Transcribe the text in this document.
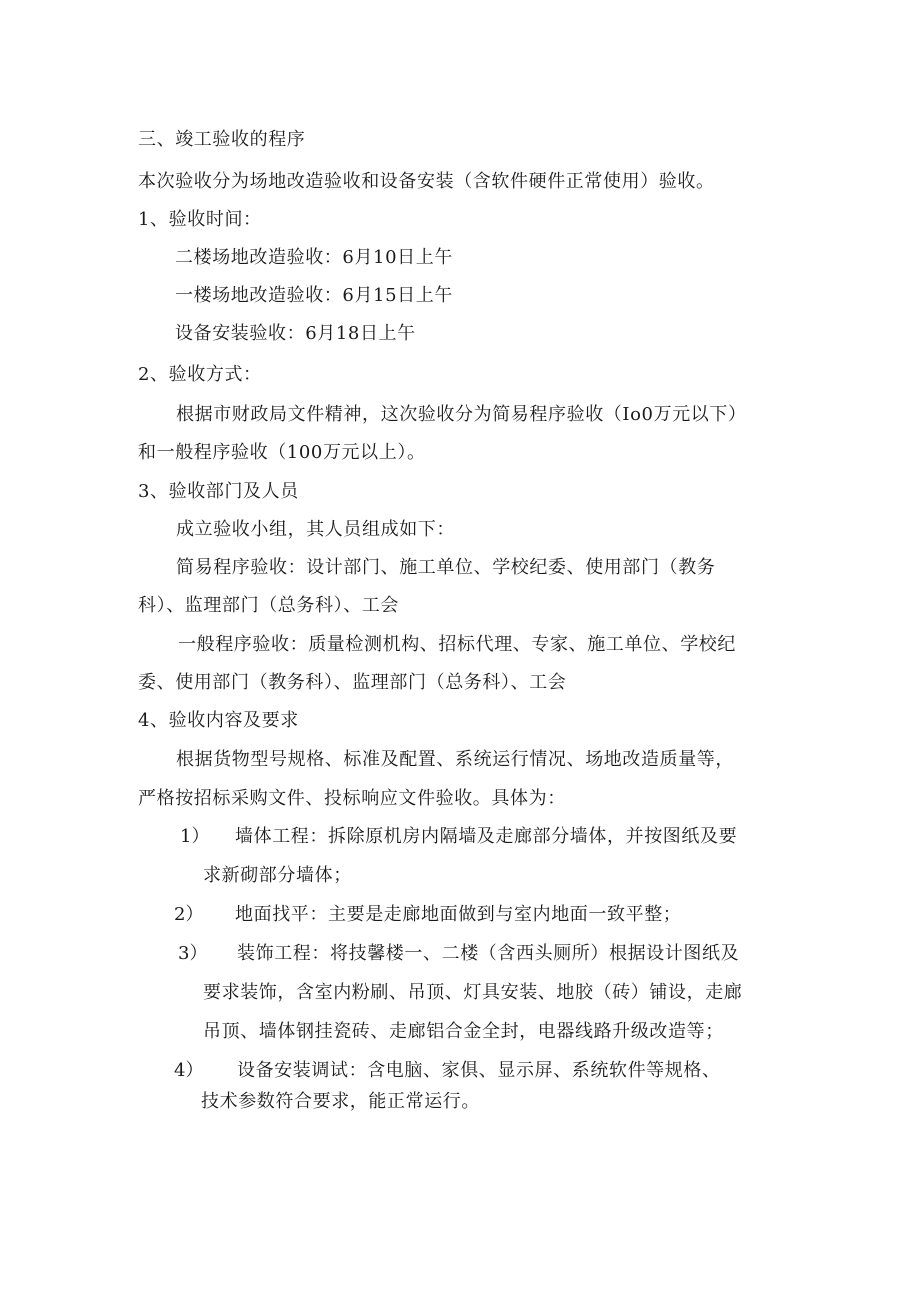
三、竣工验收的程序
本次验收分为场地改造验收和设备安装（含软件硬件正常使用）验收。
1、验收时间：
二楼场地改造验收：6月10日上午
一楼场地改造验收：6月15日上午
设备安装验收：6月18日上午
2、验收方式：
根据市财政局文件精神，这次验收分为简易程序验收（Io0万元以下）
和一般程序验收（100万元以上）。
3、验收部门及人员
成立验收小组，其人员组成如下：
简易程序验收：设计部门、施工单位、学校纪委、使用部门（教务
科）、监理部门（总务科）、工会
一般程序验收：质量检测机构、招标代理、专家、施工单位、学校纪
委、使用部门（教务科）、监理部门（总务科）、工会
4、验收内容及要求
根据货物型号规格、标准及配置、系统运行情况、场地改造质量等，
严格按招标采购文件、投标响应文件验收。具体为：
1） 墙体工程：拆除原机房内隔墙及走廊部分墙体，并按图纸及要
求新砌部分墙体；
2） 地面找平：主要是走廊地面做到与室内地面一致平整；
3） 装饰工程：将技馨楼一、二楼（含西头厕所）根据设计图纸及
要求装饰，含室内粉刷、吊顶、灯具安装、地胶（砖）铺设，走廊
吊顶、墙体钢挂瓷砖、走廊铝合金全封，电器线路升级改造等；
4） 设备安装调试：含电脑、家俱、显示屏、系统软件等规格、
技术参数符合要求，能正常运行。
